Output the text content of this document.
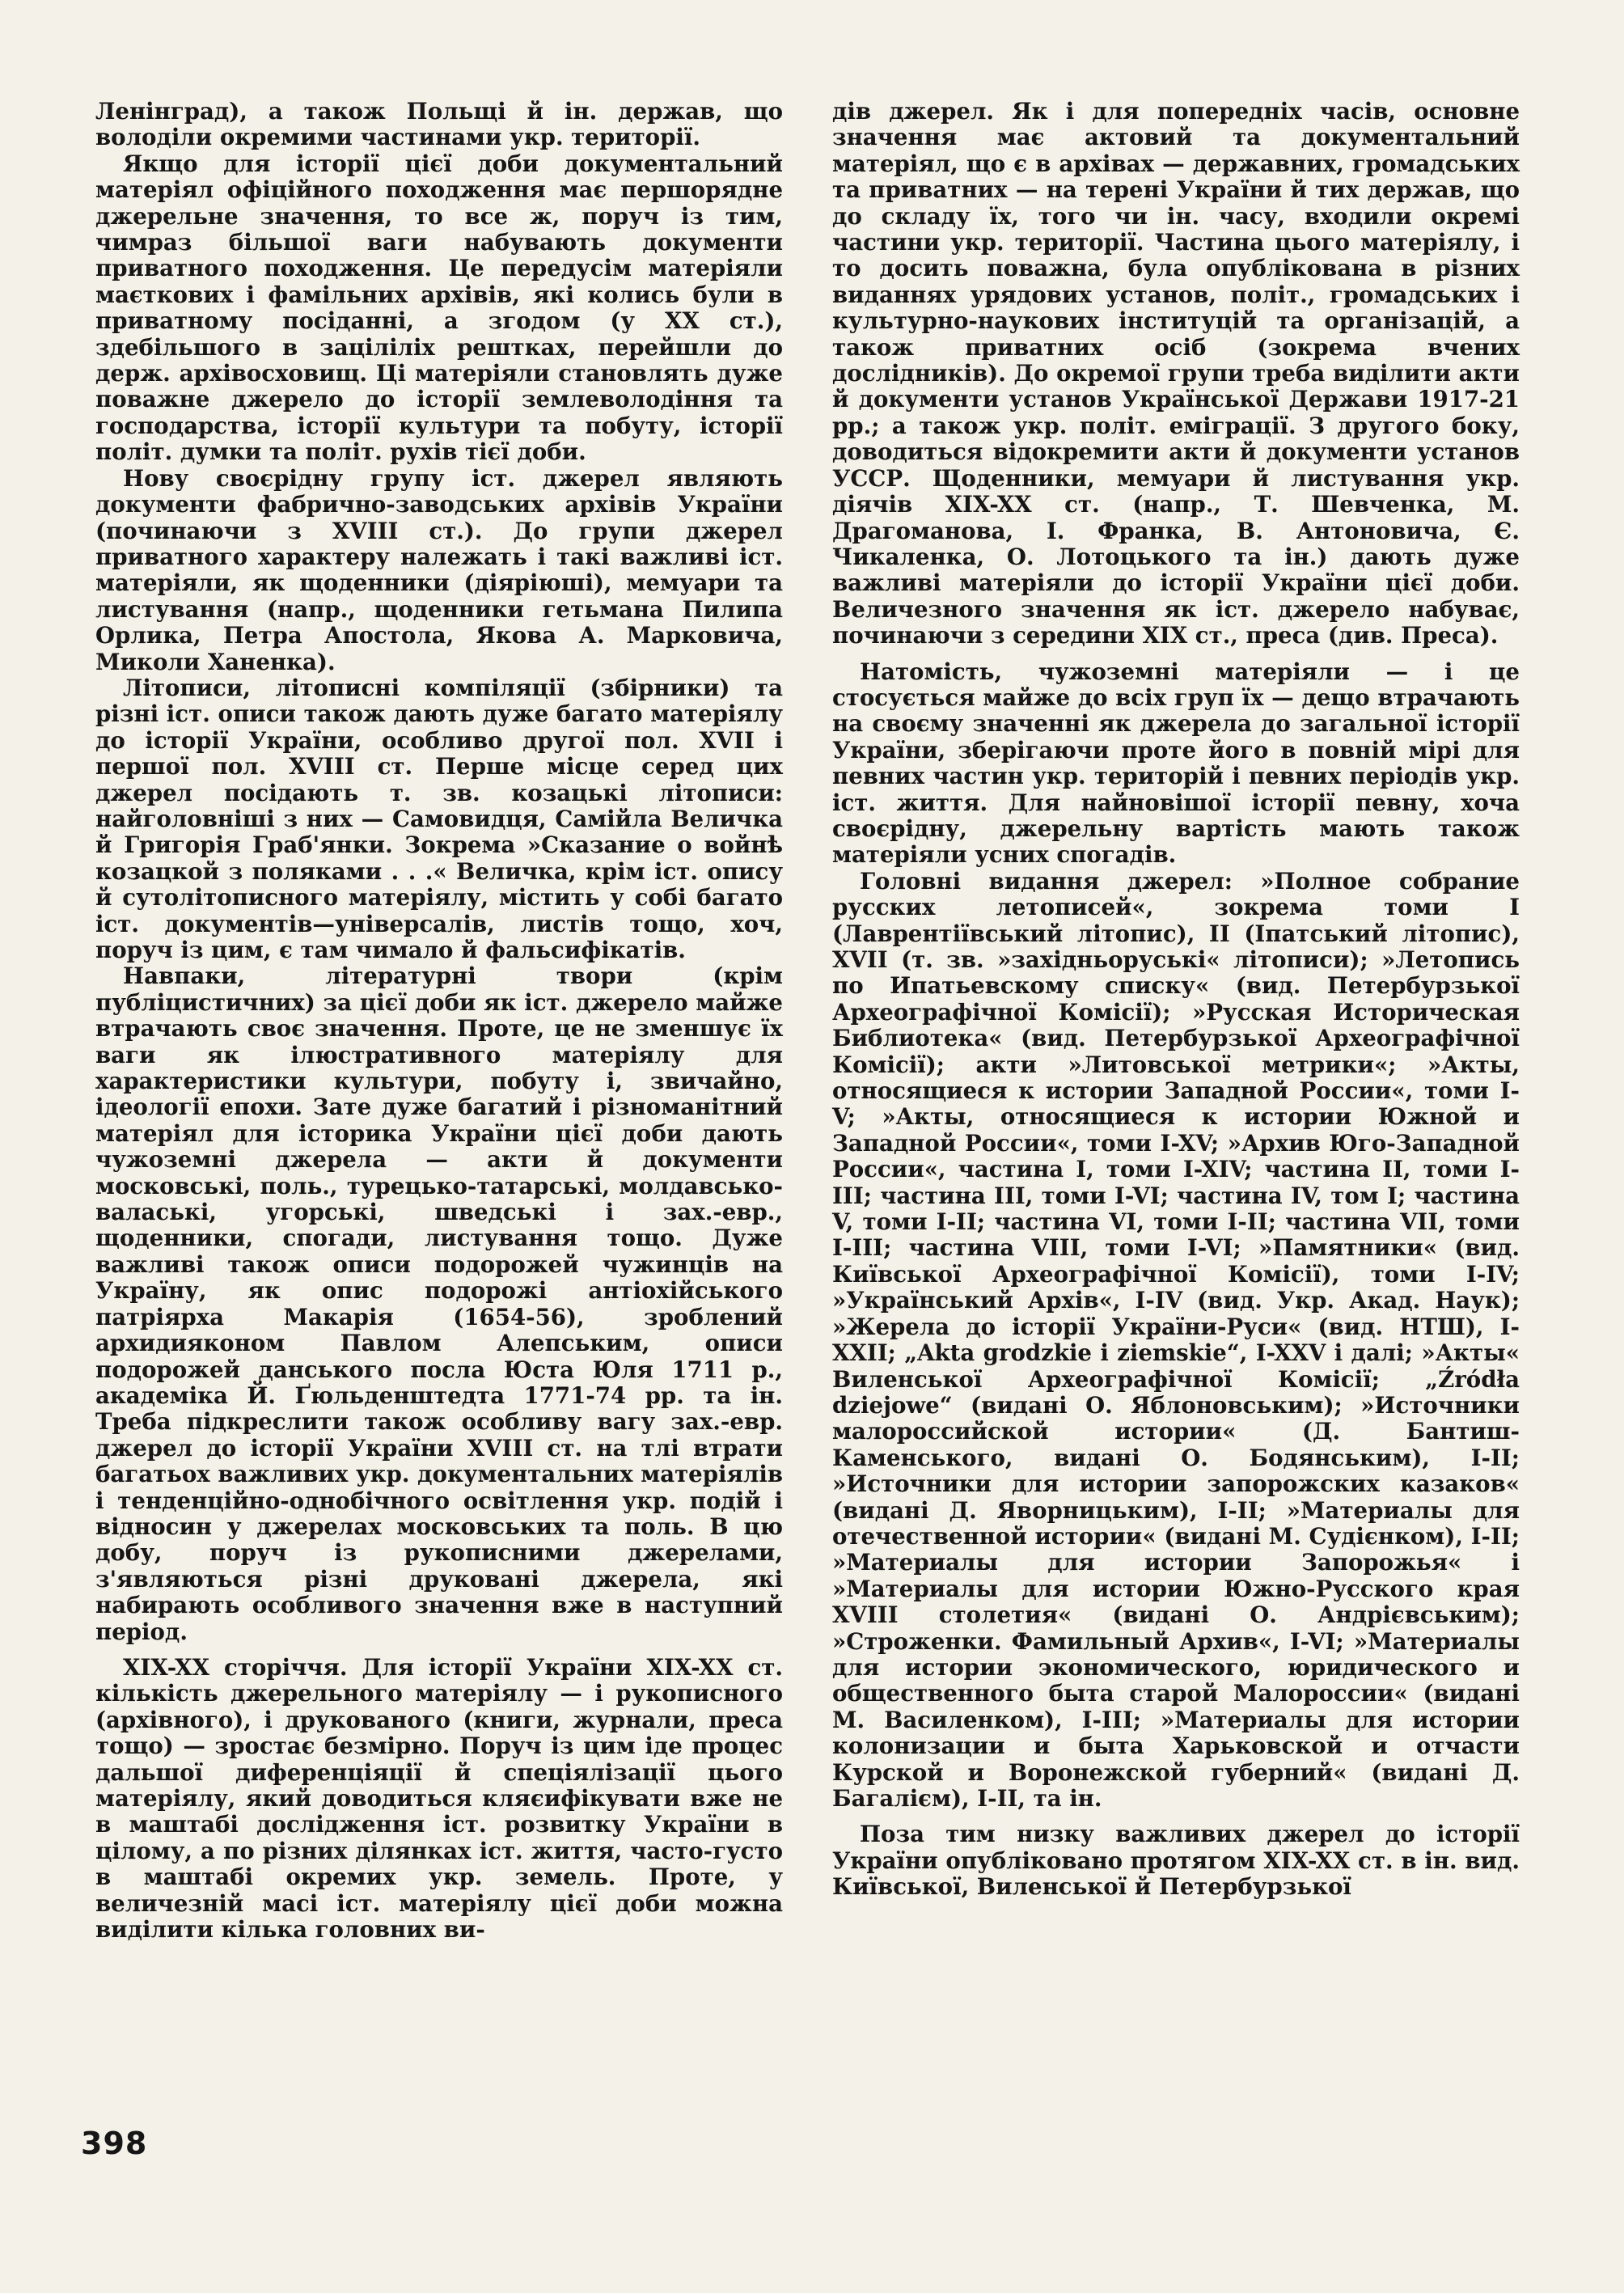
Ленінград), а також Польщі й ін. держав, що володіли окремими частинами укр. території.

Якщо для історії цієї доби документальний матеріял офіційного походження має першорядне джерельне значення, то все ж, поруч із тим, чимраз більшої ваги набувають документи приватного походження. Це передусім матеріяли маєткових і фамільних архівів, які колись були в приватному посіданні, а згодом (у XX ст.), здебільшого в заціліліх рештках, перейшли до держ. архівосховищ. Ці матеріяли становлять дуже поважне джерело до історії землеволодіння та господарства, історії культури та побуту, історії політ. думки та політ. рухів тієї доби.

Нову своєрідну групу іст. джерел являють документи фабрично-заводських архівів України (починаючи з XVIII ст.). До групи джерел приватного характеру належать і такі важливі іст. матеріяли, як щоденники (діяріюші), мемуари та листування (напр., щоденники гетьмана Пилипа Орлика, Петра Апостола, Якова А. Марковича, Миколи Ханенка).

Літописи, літописні компіляції (збірники) та різні іст. описи також дають дуже багато матеріялу до історії України, особливо другої пол. XVII і першої пол. XVIII ст. Перше місце серед цих джерел посідають т. зв. козацькі літописи: найголовніші з них — Самовидця, Самійла Величка й Григорія Граб'янки. Зокрема »Сказание о войнѣ козацкой з поляками . . .« Величка, крім іст. опису й сутолітописного матеріялу, містить у собі багато іст. документів—універсалів, листів тощо, хоч, поруч із цим, є там чимало й фальсифікатів.

Навпаки, літературні твори (крім публіцистичних) за цієї доби як іст. джерело майже втрачають своє значення. Проте, це не зменшує їх ваги як ілюстративного матеріялу для характеристики культури, побуту і, звичайно, ідеології епохи. Зате дуже багатий і різноманітний матеріял для історика України цієї доби дають чужоземні джерела — акти й документи московські, поль., турецько-татарські, молдавсько-валаські, угорські, шведські і зах.-евр., щоденники, спогади, листування тощо. Дуже важливі також описи подорожей чужинців на Україну, як опис подорожі антіохійського патріярха Макарія (1654-56), зроблений архидияконом Павлом Алепським, описи подорожей данського посла Юста Юля 1711 р., академіка Й. Ґюльденштедта 1771-74 рр. та ін. Треба підкреслити також особливу вагу зах.-евр. джерел до історії України XVIII ст. на тлі втрати багатьох важливих укр. документальних матеріялів і тенденційно-однобічного освітлення укр. подій і відносин у джерелах московських та поль. В цю добу, поруч із рукописними джерелами, з'являються різні друковані джерела, які набирають особливого значення вже в наступний період.

XIX-XX сторіччя. Для історії України XIX-XX ст. кількість джерельного матеріялу — і рукописного (архівного), і друкованого (книги, журнали, преса тощо) — зростає безмірно. Поруч із цим іде процес дальшої диференціяції й спеціялізації цього матеріялу, який доводиться кляєифікувати вже не в маштабі дослідження іст. розвитку України в цілому, а по різних ділянках іст. життя, часто-густо в маштабі окремих укр. земель. Проте, у величезній масі іст. матеріялу цієї доби можна виділити кілька головних ви-

дів джерел. Як і для попередніх часів, основне значення має актовий та документальний матеріял, що є в архівах — державних, громадських та приватних — на терені України й тих держав, що до складу їх, того чи ін. часу, входили окремі частини укр. території. Частина цього матеріялу, і то досить поважна, була опублікована в різних виданнях урядових установ, політ., громадських і культурно-наукових інституцій та організацій, а також приватних осіб (зокрема вчених дослідників). До окремої групи треба виділити акти й документи установ Української Держави 1917-21 рр.; а також укр. політ. еміграції. З другого боку, доводиться відокремити акти й документи установ УССР. Щоденники, мемуари й листування укр. діячів XIX-XX ст. (напр., Т. Шевченка, М. Драгоманова, І. Франка, В. Антоновича, Є. Чикаленка, О. Лотоцького та ін.) дають дуже важливі матеріяли до історії України цієї доби. Величезного значення як іст. джерело набуває, починаючи з середини XIX ст., преса (див. Преса).

Натомість, чужоземні матеріяли — і це стосується майже до всіх груп їх — дещо втрачають на своєму значенні як джерела до загальної історії України, зберігаючи проте його в повній мірі для певних частин укр. територій і певних періодів укр. іст. життя. Для найновішої історії певну, хоча своєрідну, джерельну вартість мають також матеріяли усних спогадів.

Головні видання джерел: »Полное собрание русских летописей«, зокрема томи I (Лаврентіївський літопис), II (Іпатський літопис), XVII (т. зв. »західньоруські« літописи); »Летопись по Ипатьевскому списку« (вид. Петербурзької Археографічної Комісії); »Русская Историческая Библиотека« (вид. Петербурзької Археографічної Комісії); акти »Литовської метрики«; »Акты, относящиеся к истории Западной России«, томи I-V; »Акты, относящиеся к истории Южной и Западной России«, томи I-XV; »Архив Юго-Западной России«, частина I, томи I-XIV; частина II, томи I-III; частина III, томи I-VI; частина IV, том I; частина V, томи I-II; частина VI, томи I-II; частина VII, томи I-III; частина VIII, томи I-VI; »Памятники« (вид. Київської Археографічної Комісії), томи I-IV; »Український Архів«, I-IV (вид. Укр. Акад. Наук); »Жерела до історії України-Руси« (вид. НТШ), I-XXII; „Akta grodzkie i ziemskie“, I-XXV і далі; »Акты« Виленської Археографічної Комісії; „Źródła dziejowe“ (видані О. Яблоновським); »Источники малороссийской истории« (Д. Бантиш-Каменського, видані О. Бодянським), I-II; »Источники для истории запорожских казаков« (видані Д. Яворницьким), I-II; »Материалы для отечественной истории« (видані М. Судієнком), I-II; »Материалы для истории Запорожья« і »Материалы для истории Южно-Русского края XVIII столетия« (видані О. Андрієвським); »Строженки. Фамильный Архив«, I-VI; »Материалы для истории экономического, юридического и общественного быта старой Малороссии« (видані М. Василенком), I-III; »Материалы для истории колонизации и быта Харьковской и отчасти Курской и Воронежской губерний« (видані Д. Багалієм), I-II, та ін.

Поза тим низку важливих джерел до історії України опубліковано протягом XIX-XX ст. в ін. вид. Київської, Виленської й Петербурзької

398
